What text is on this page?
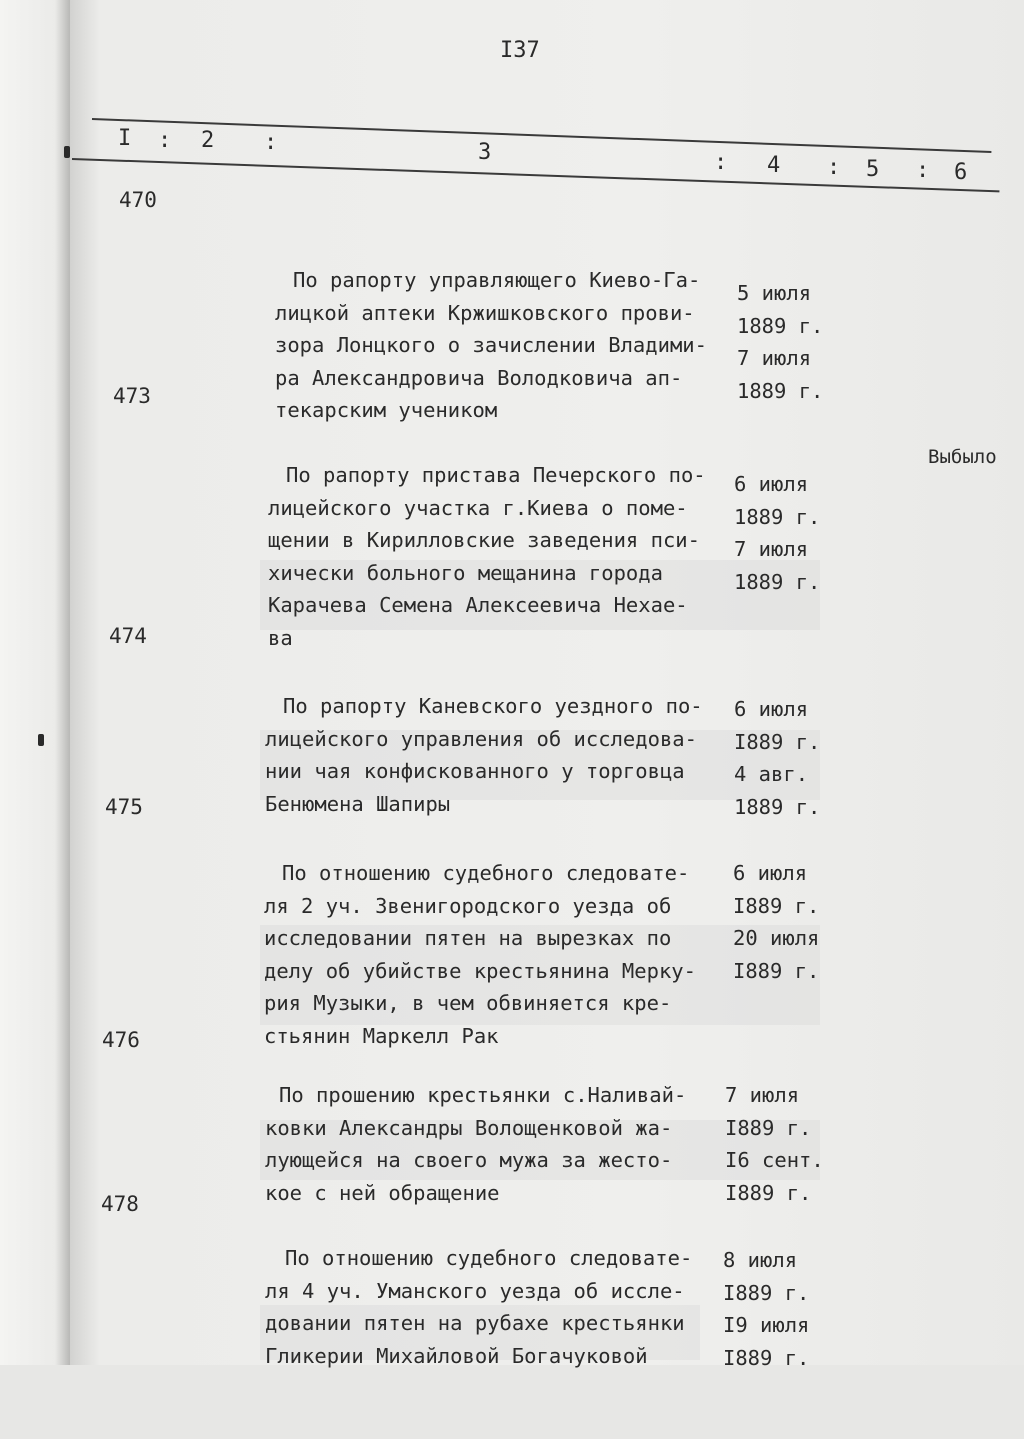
I37
I : 2 :	3	: 4 : 5 : 6
470

По рапорту управляющего Киево-Га-
лицкой аптеки Кржишковского прови-
зора Лонцкого о зачислении Владими-
ра Александровича Володковича ап-
текарским учеником

5 июля
1889 г.
7 июля
1889 г.

473

По рапорту пристава Печерского по-
лицейского участка г.Киева о поме-
щении в Кирилловские заведения пси-
хически больного мещанина города
Карачева Семена Алексеевича Нехае-
ва

6 июля
1889 г.
7 июля
1889 г.

Выбыло
474

По рапорту Каневского уездного по-
лицейского управления об исследова-
нии чая конфискованного у торговца
Бенюмена Шапиры

6 июля
I889 г.
4 авг.
1889 г.

475

По отношению судебного следовате-
ля 2 уч. Звенигородского уезда об
исследовании пятен на вырезках по
делу об убийстве крестьянина Мерку-
рия Музыки, в чем обвиняется кре-
стьянин Маркелл Рак

6 июля
I889 г.
20 июля
I889 г.

476

По прошению крестьянки с.Наливай-
ковки Александры Волощенковой жа-
лующейся на своего мужа за жесто-
кое с ней обращение

7 июля
I889 г.
I6 сент.
I889 г.

478

По отношению судебного следовате-
ля 4 уч. Уманского уезда об иссле-
довании пятен на рубахе крестьянки
Гликерии Михайловой Богачуковой

8 июля
I889 г.
I9 июля
I889 г.
